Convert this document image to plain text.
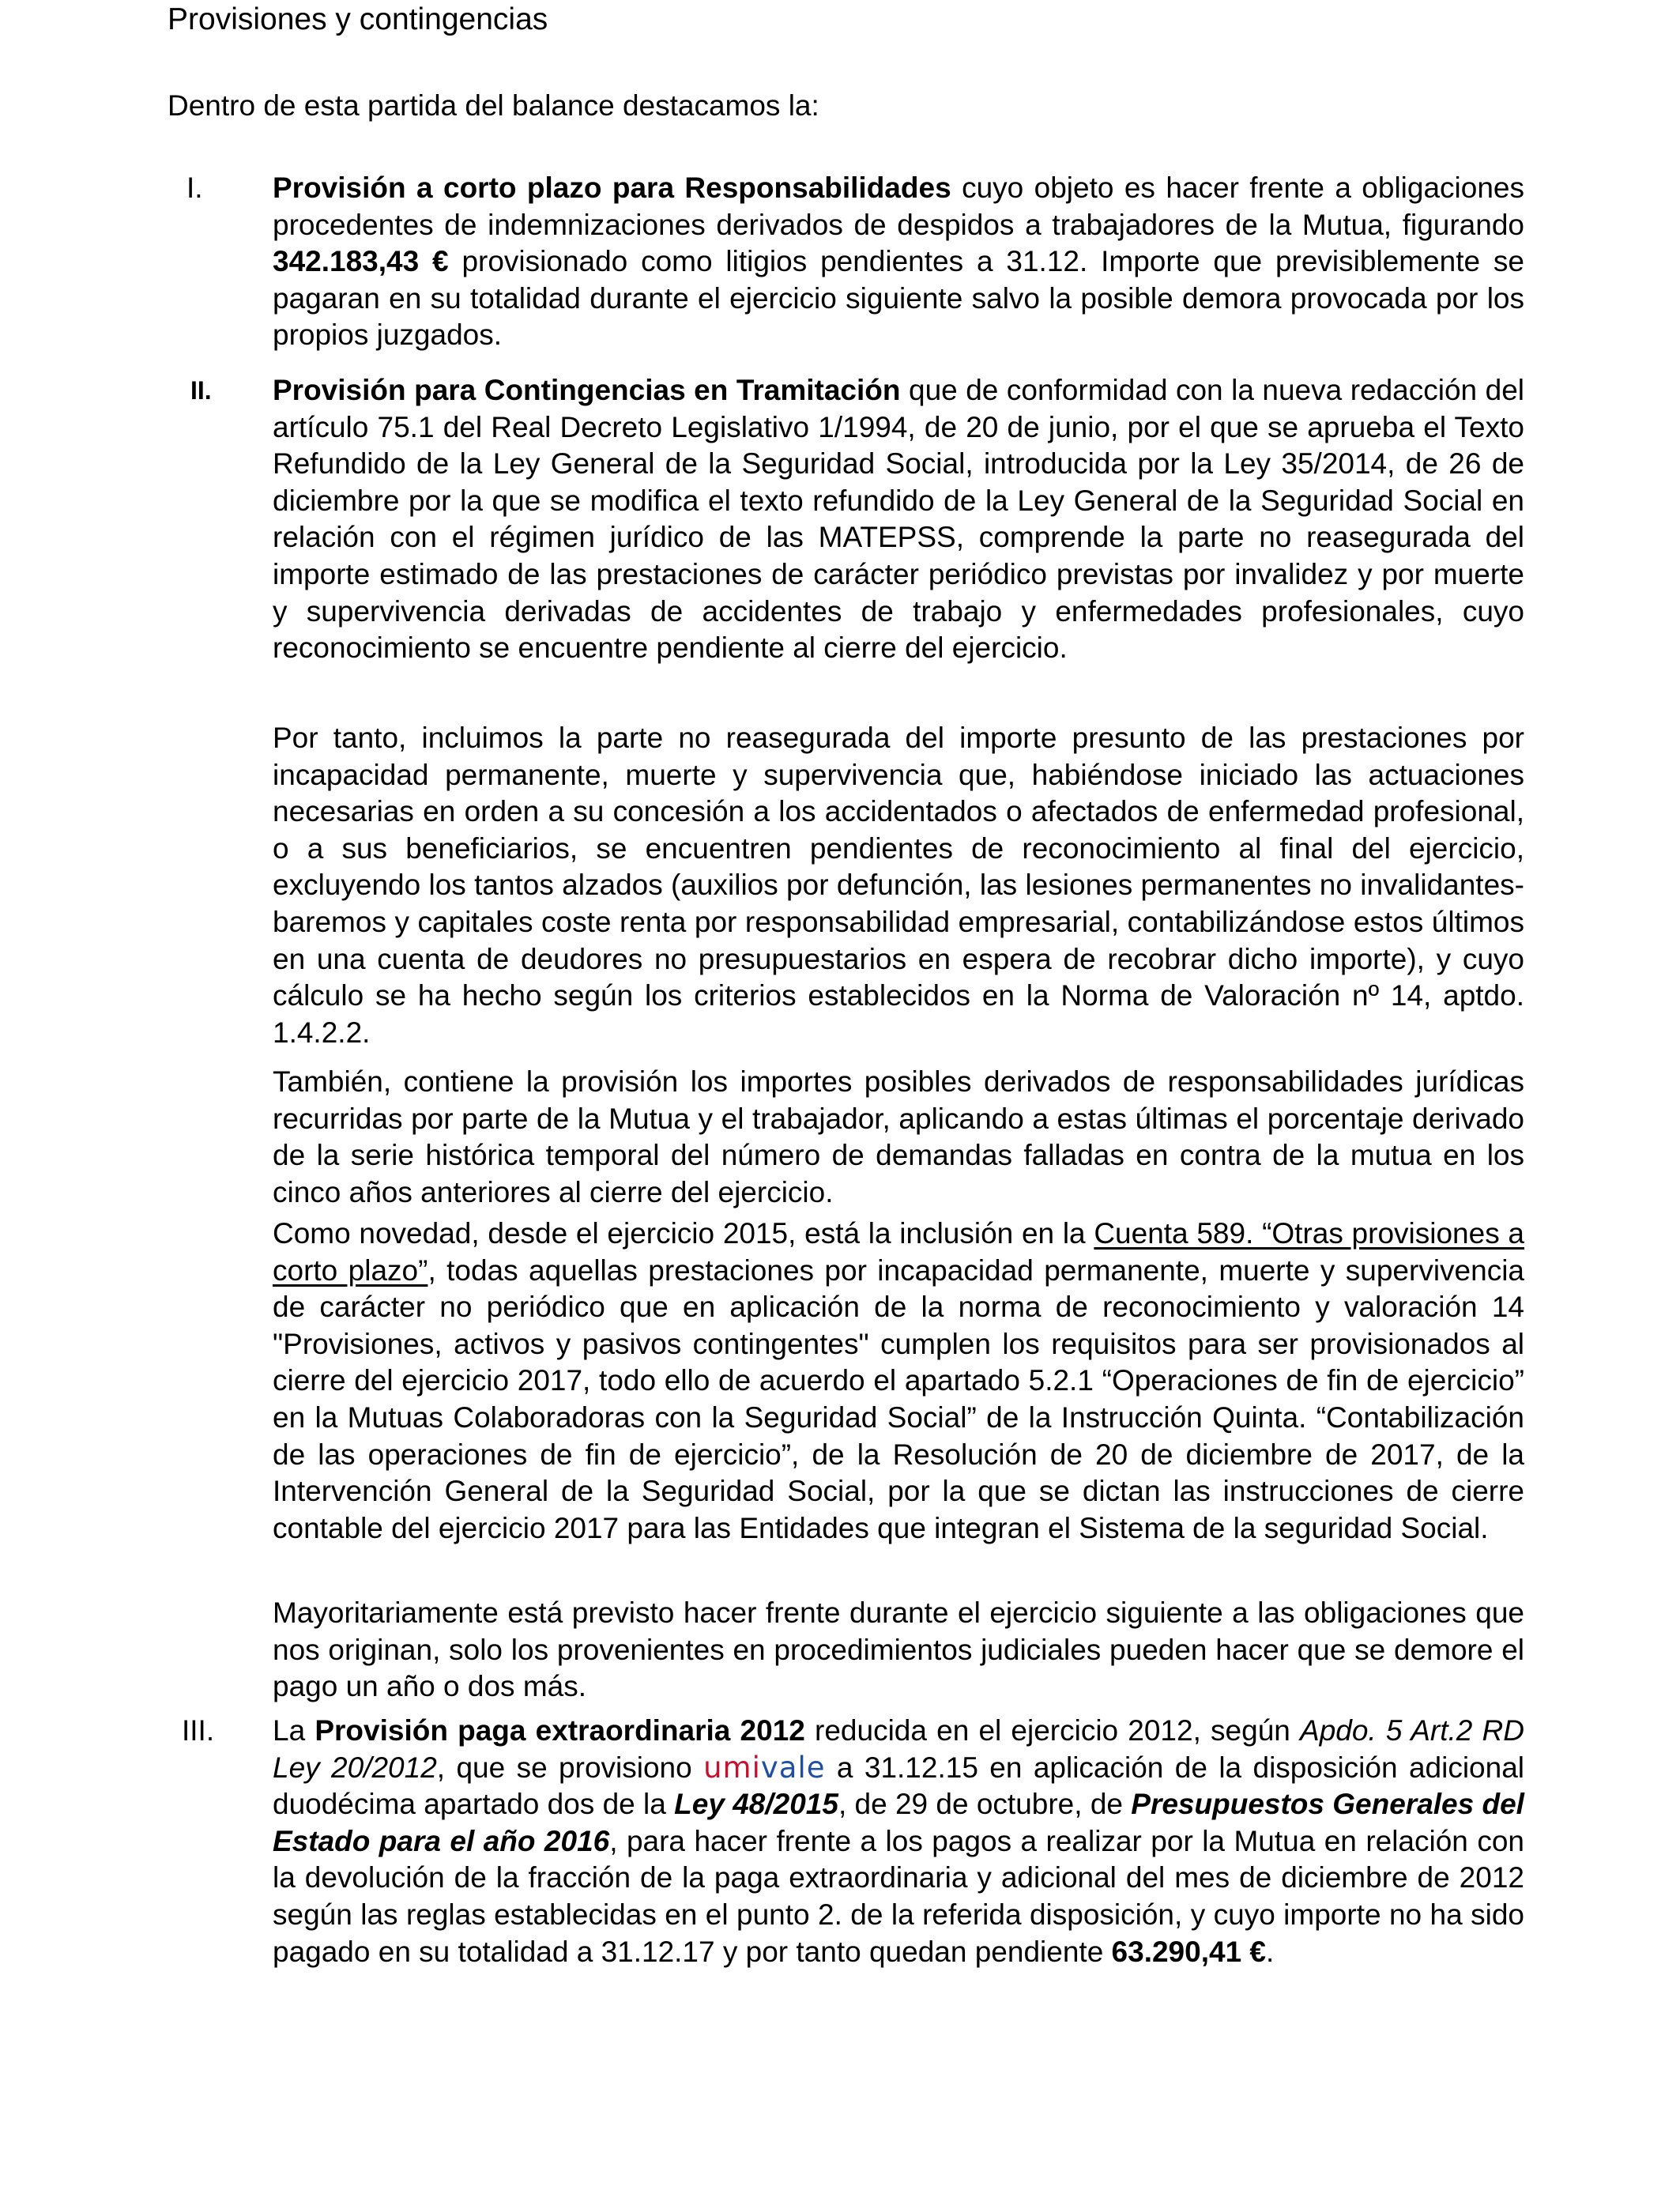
Provisiones y contingencias
Dentro de esta partida del balance destacamos la:
I. Provisión a corto plazo para Responsabilidades cuyo objeto es hacer frente a obligaciones procedentes de indemnizaciones derivados de despidos a trabajadores de la Mutua, figurando 342.183,43 € provisionado como litigios pendientes a 31.12. Importe que previsiblemente se pagaran en su totalidad durante el ejercicio siguiente salvo la posible demora provocada por los propios juzgados.

II. Provisión para Contingencias en Tramitación que de conformidad con la nueva redacción del artículo 75.1 del Real Decreto Legislativo 1/1994, de 20 de junio, por el que se aprueba el Texto Refundido de la Ley General de la Seguridad Social, introducida por la Ley 35/2014, de 26 de diciembre por la que se modifica el texto refundido de la Ley General de la Seguridad Social en relación con el régimen jurídico de las MATEPSS, comprende la parte no reasegurada del importe estimado de las prestaciones de carácter periódico previstas por invalidez y por muerte y supervivencia derivadas de accidentes de trabajo y enfermedades profesionales, cuyo reconocimiento se encuentre pendiente al cierre del ejercicio.

Por tanto, incluimos la parte no reasegurada del importe presunto de las prestaciones por incapacidad permanente, muerte y supervivencia que, habiéndose iniciado las actuaciones necesarias en orden a su concesión a los accidentados o afectados de enfermedad profesional, o a sus beneficiarios, se encuentren pendientes de reconocimiento al final del ejercicio, excluyendo los tantos alzados (auxilios por defunción, las lesiones permanentes no invalidantes-baremos y capitales coste renta por responsabilidad empresarial, contabilizándose estos últimos en una cuenta de deudores no presupuestarios en espera de recobrar dicho importe), y cuyo cálculo se ha hecho según los criterios establecidos en la Norma de Valoración nº 14, aptdo. 1.4.2.2.
También, contiene la provisión los importes posibles derivados de responsabilidades jurídicas recurridas por parte de la Mutua y el trabajador, aplicando a estas últimas el porcentaje derivado de la serie histórica temporal del número de demandas falladas en contra de la mutua en los cinco años anteriores al cierre del ejercicio.

Como novedad, desde el ejercicio 2015, está la inclusión en la Cuenta 589. “Otras provisiones a corto plazo”, todas aquellas prestaciones por incapacidad permanente, muerte y supervivencia de carácter no periódico que en aplicación de la norma de reconocimiento y valoración 14 "Provisiones, activos y pasivos contingentes" cumplen los requisitos para ser provisionados al cierre del ejercicio 2017, todo ello de acuerdo el apartado 5.2.1 “Operaciones de fin de ejercicio” en la Mutuas Colaboradoras con la Seguridad Social” de la Instrucción Quinta. “Contabilización de las operaciones de fin de ejercicio”, de la Resolución de 20 de diciembre de 2017, de la Intervención General de la Seguridad Social, por la que se dictan las instrucciones de cierre contable del ejercicio 2017 para las Entidades que integran el Sistema de la seguridad Social.

Mayoritariamente está previsto hacer frente durante el ejercicio siguiente a las obligaciones que nos originan, solo los provenientes en procedimientos judiciales pueden hacer que se demore el pago un año o dos más.
III. La Provisión paga extraordinaria 2012 reducida en el ejercicio 2012, según Apdo. 5 Art.2 RD Ley 20/2012, que se provisiono umivale a 31.12.15 en aplicación de la disposición adicional duodécima apartado dos de la Ley 48/2015, de 29 de octubre, de Presupuestos Generales del Estado para el año 2016, para hacer frente a los pagos a realizar por la Mutua en relación con la devolución de la fracción de la paga extraordinaria y adicional del mes de diciembre de 2012 según las reglas establecidas en el punto 2. de la referida disposición, y cuyo importe no ha sido pagado en su totalidad a 31.12.17 y por tanto quedan pendiente 63.290,41 €.
